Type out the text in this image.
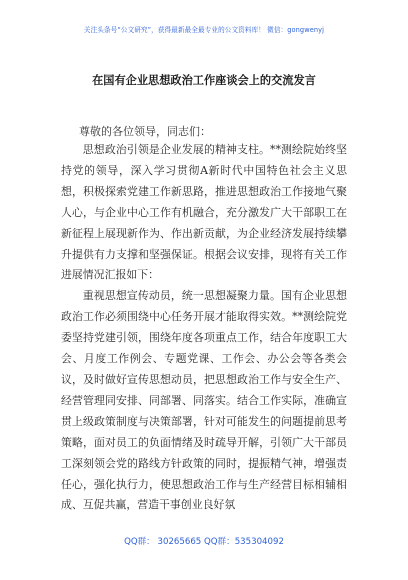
关注头条号“公文研究”，获得最新最全最专业的公文资料库！ 微信：gongwenyj
在国有企业思想政治工作座谈会上的交流发言
尊敬的各位领导，同志们：

思想政治引领是企业发展的精神支柱。**测绘院始终坚持党的领导，深入学习贯彻A新时代中国特色社会主义思想，积极探索党建工作新思路，推进思想政治工作接地气聚人心，与企业中心工作有机融合，充分激发广大干部职工在新征程上展现新作为、作出新贡献，为企业经济发展持续攀升提供有力支撑和坚强保证。根据会议安排，现将有关工作进展情况汇报如下：

重视思想宣传动员，统一思想凝聚力量。国有企业思想政治工作必须围绕中心任务开展才能取得实效。**测绘院党委坚持党建引领，围绕年度各项重点工作，结合年度职工大会、月度工作例会、专题党课、工作会、办公会等各类会议，及时做好宣传思想动员，把思想政治工作与安全生产、经营管理同安排、同部署、同落实。结合工作实际，准确宣贯上级政策制度与决策部署，针对可能发生的问题提前思考策略，面对员工的负面情绪及时疏导开解，引领广大干部员工深刻领会党的路线方针政策的同时，提振精气神，增强责任心，强化执行力，使思想政治工作与生产经营目标相辅相成、互促共赢，营造干事创业良好氛

QQ群： 30265665 QQ群：535304092
